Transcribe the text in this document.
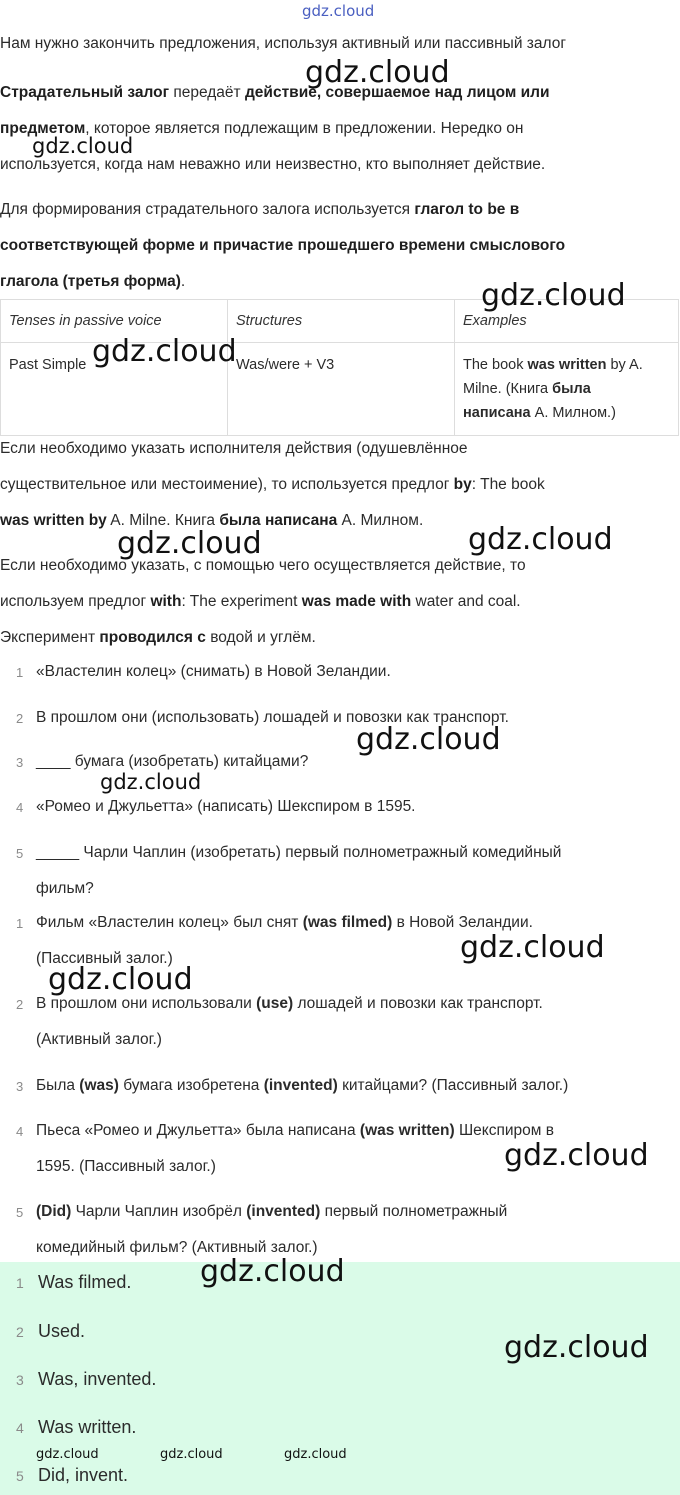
gdz.cloud
gdz.cloud
gdz.cloud
gdz.cloud
gdz.cloud
gdz.cloud	gdz.cloud
gdz.cloud
gdz.cloud
gdz.cloud
gdz.cloud
gdz.cloud
gdz.cloud
gdz.cloud
gdz.cloud	gdz.cloud	gdz.cloud
Нам нужно закончить предложения, используя активный или пассивный залог
Страдательный залог передаёт действие, совершаемое над лицом или
предметом, которое является подлежащим в предложении. Нередко он
используется, когда нам неважно или неизвестно, кто выполняет действие.
Для формирования страдательного залога используется глагол to be в
соответствующей форме и причастие прошедшего времени смыслового
глагола (третья форма).
Tenses in passive voice	Structures	Examples
Past Simple	Was/were + V3	The book was written by A.
Milne. (Книга была
написана А. Милном.)
Если необходимо указать исполнителя действия (одушевлённое
существительное или местоимение), то используется предлог by: The book
was written by A. Milne. Книга была написана А. Милном.
Если необходимо указать, с помощью чего осуществляется действие, то
используем предлог with: The experiment was made with water and coal.
Эксперимент проводился с водой и углём.
1 «Властелин колец» (снимать) в Новой Зеландии.
2 В прошлом они (использовать) лошадей и повозки как транспорт.
3 ____ бумага (изобретать) китайцами?
4 «Ромео и Джульетта» (написать) Шекспиром в 1595.
5 _____ Чарли Чаплин (изобретать) первый полнометражный комедийный
фильм?
1 Фильм «Властелин колец» был снят (was filmed) в Новой Зеландии.
(Пассивный залог.)
2 В прошлом они использовали (use) лошадей и повозки как транспорт.
(Активный залог.)
3 Была (was) бумага изобретена (invented) китайцами? (Пассивный залог.)
4 Пьеса «Ромео и Джульетта» была написана (was written) Шекспиром в
1595. (Пассивный залог.)
5 (Did) Чарли Чаплин изобрёл (invented) первый полнометражный
комедийный фильм? (Активный залог.)
1 Was filmed.
2 Used.
3 Was, invented.
4 Was written.
5 Did, invent.
